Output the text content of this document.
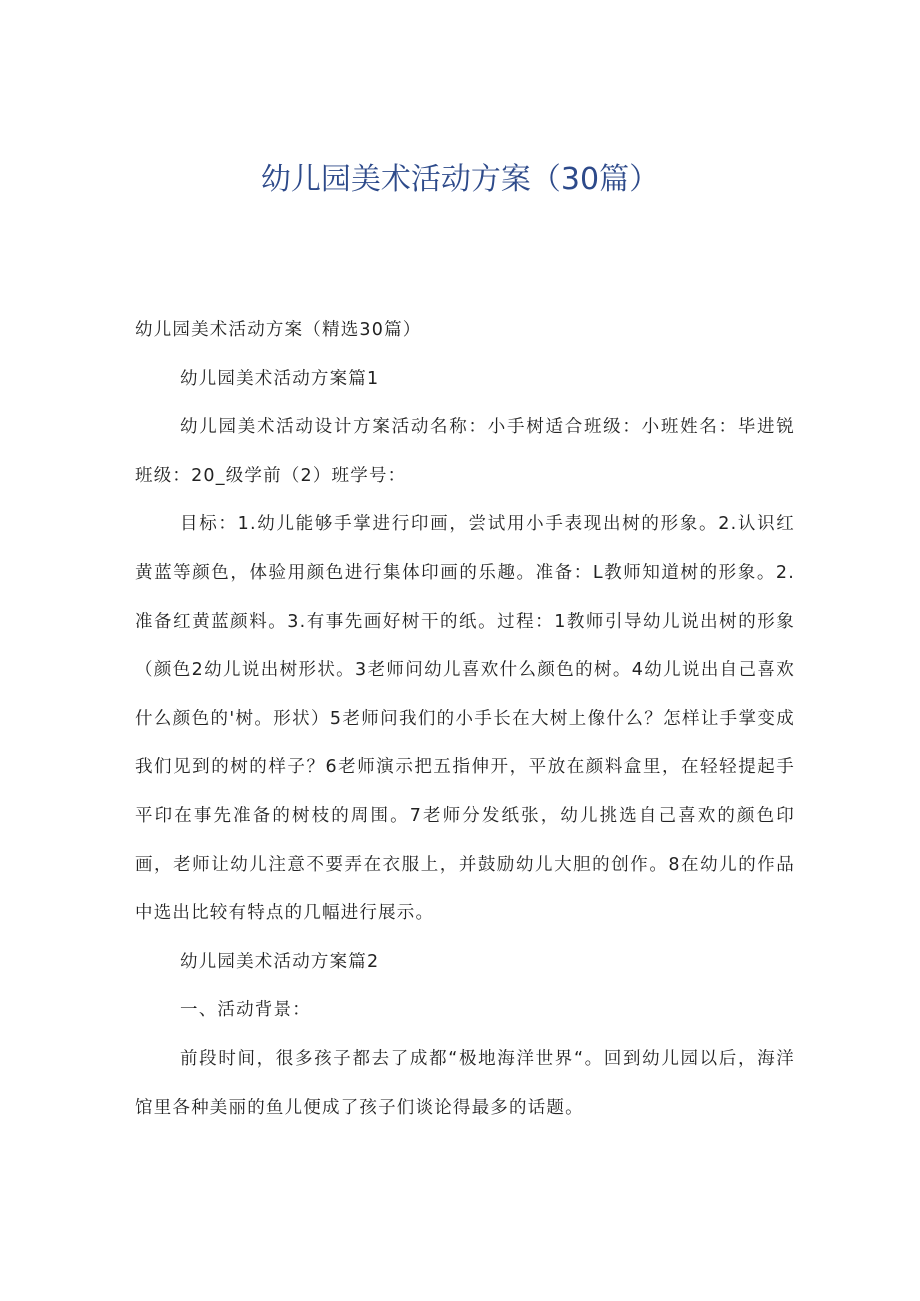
幼儿园美术活动方案（30篇）

幼儿园美术活动方案（精选30篇）

幼儿园美术活动方案篇1

幼儿园美术活动设计方案活动名称：小手树适合班级：小班姓名：毕进锐班级：20_级学前（2）班学号：

目标：1.幼儿能够手掌进行印画，尝试用小手表现出树的形象。2.认识红黄蓝等颜色，体验用颜色进行集体印画的乐趣。准备：L教师知道树的形象。2.准备红黄蓝颜料。3.有事先画好树干的纸。过程：1教师引导幼儿说出树的形象（颜色2幼儿说出树形状。3老师问幼儿喜欢什么颜色的树。4幼儿说出自己喜欢什么颜色的'树。形状）5老师问我们的小手长在大树上像什么？怎样让手掌变成我们见到的树的样子？6老师演示把五指伸开，平放在颜料盒里，在轻轻提起手平印在事先准备的树枝的周围。7老师分发纸张，幼儿挑选自己喜欢的颜色印画，老师让幼儿注意不要弄在衣服上，并鼓励幼儿大胆的创作。8在幼儿的作品中选出比较有特点的几幅进行展示。

幼儿园美术活动方案篇2

一、活动背景：

前段时间，很多孩子都去了成都“极地海洋世界“。回到幼儿园以后，海洋馆里各种美丽的鱼儿便成了孩子们谈论得最多的话题。
